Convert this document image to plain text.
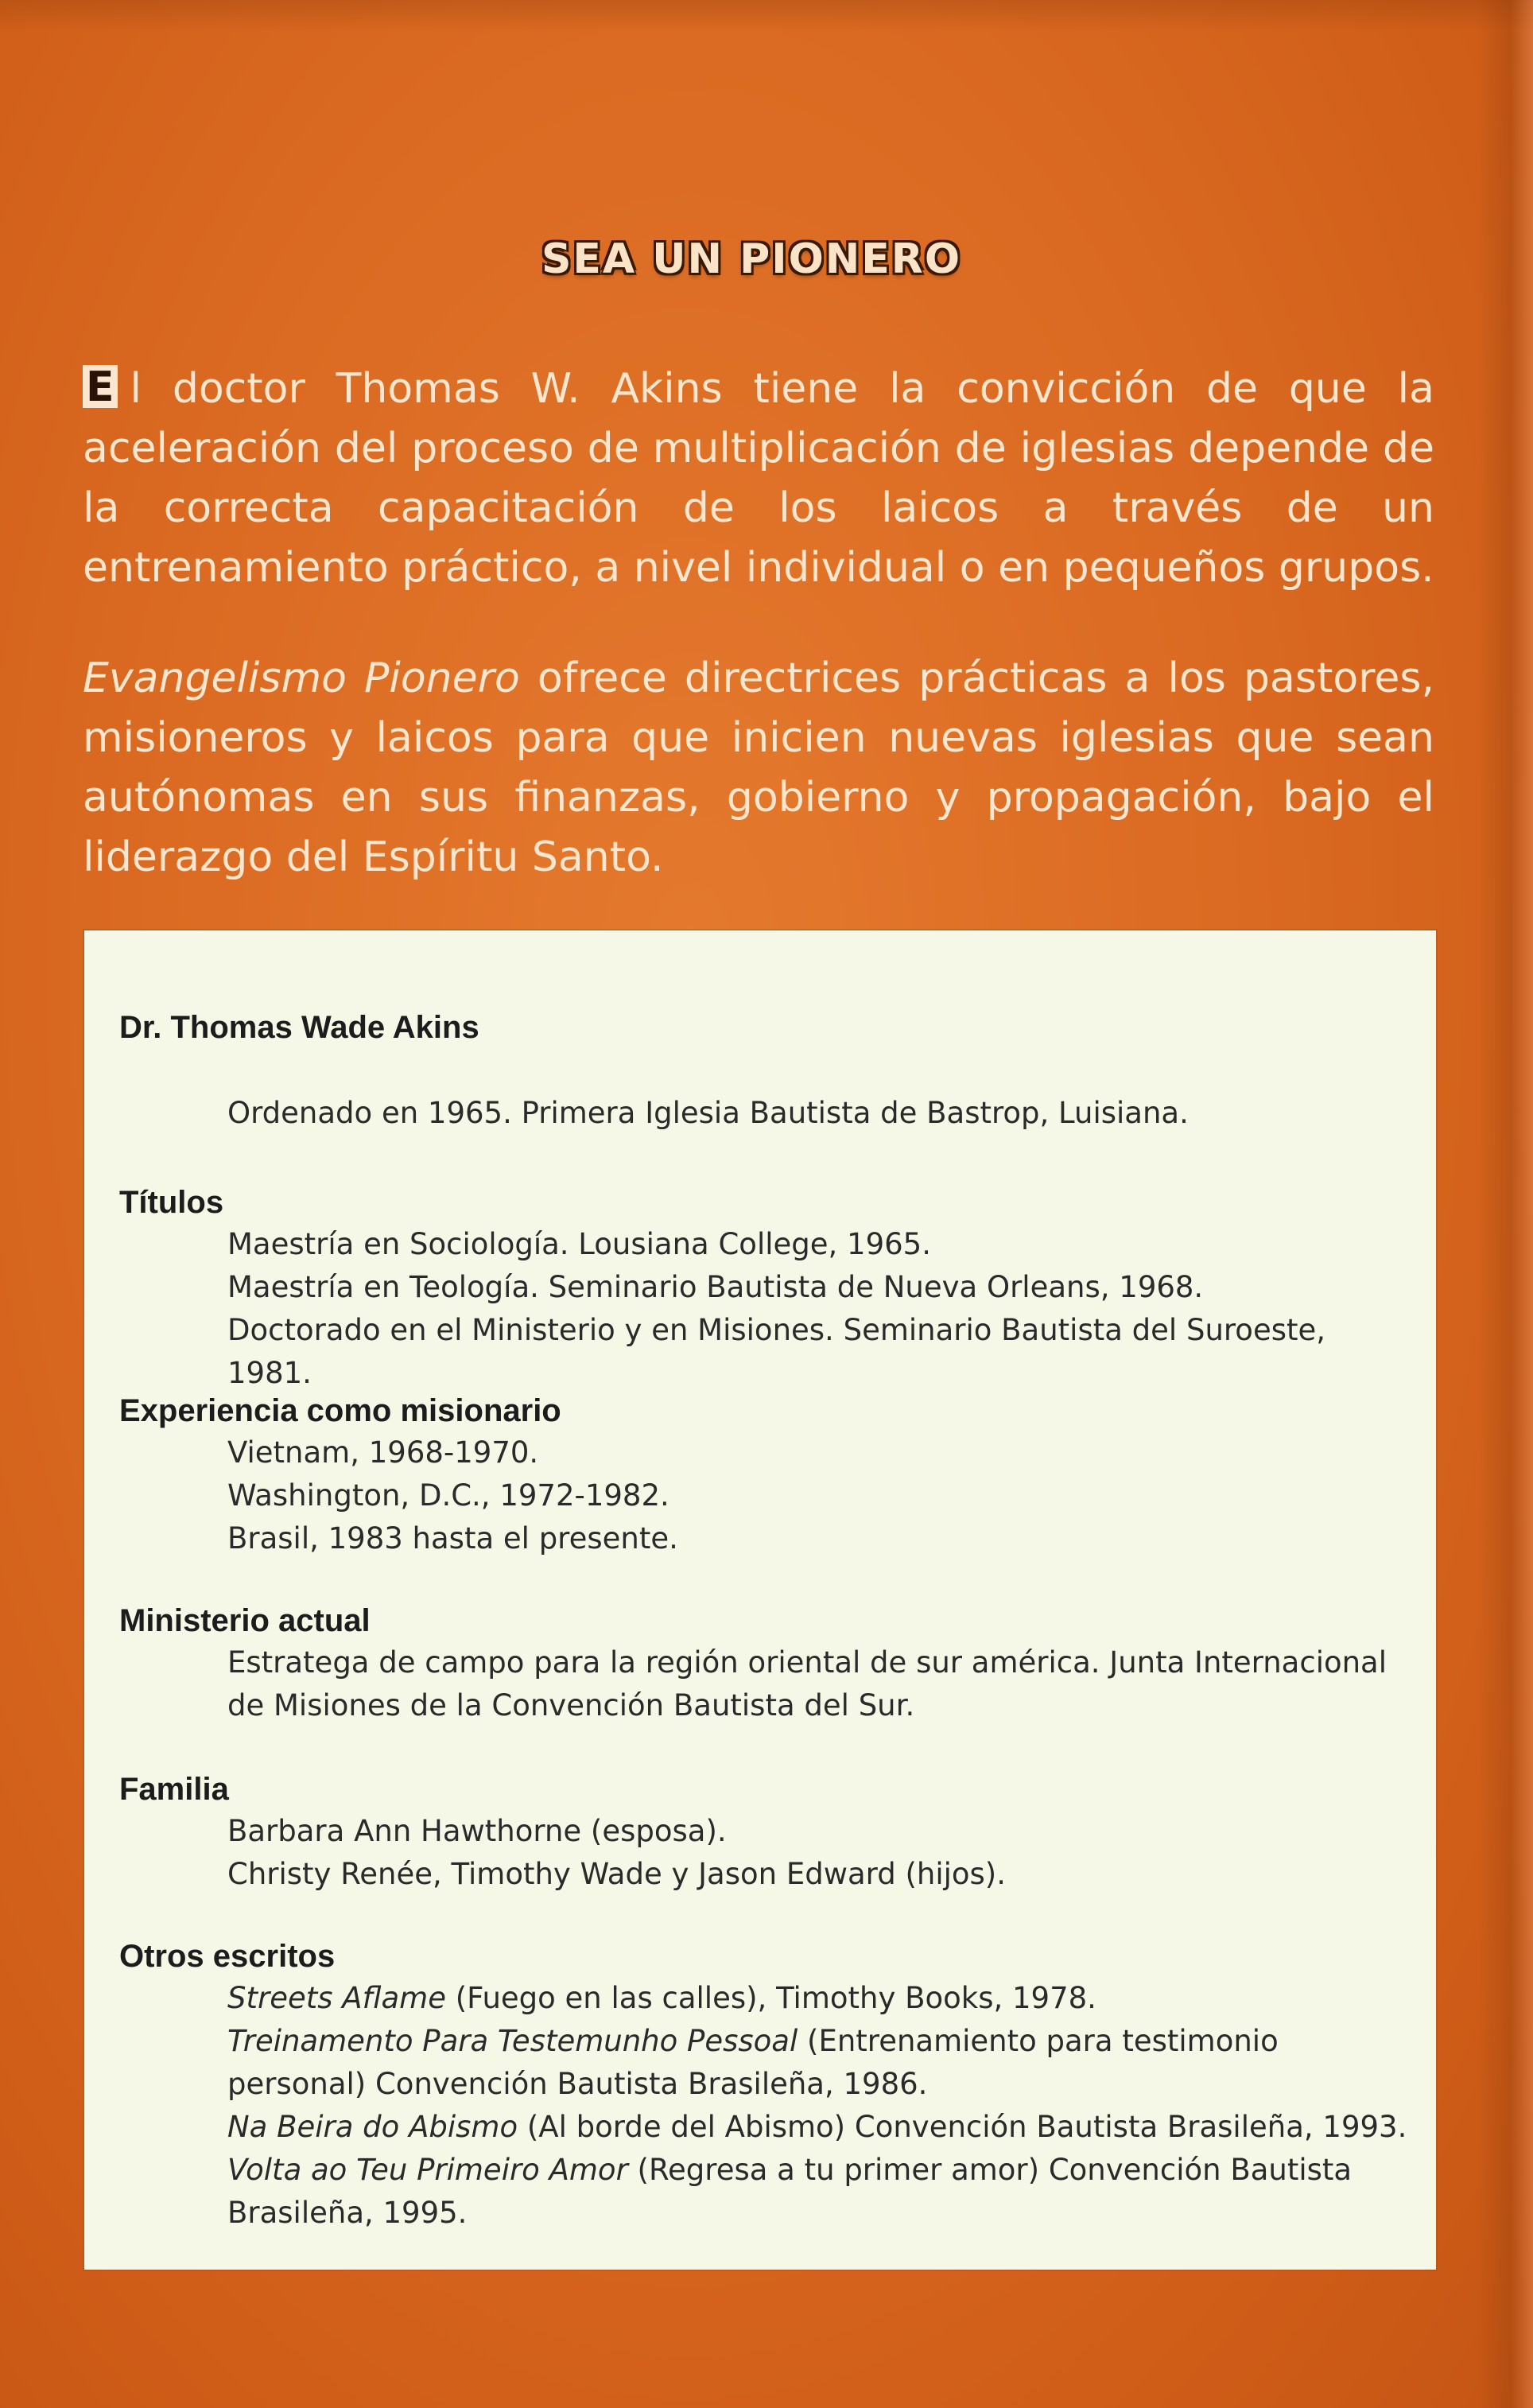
SEA UN PIONERO

E l doctor Thomas W. Akins tiene la convicción de que la aceleración del proceso de multiplicación de iglesias depende de la correcta capacitación de los laicos a través de un entrenamiento práctico, a nivel individual o en pequeños grupos.

Evangelismo Pionero ofrece directrices prácticas a los pastores, misioneros y laicos para que inicien nuevas iglesias que sean autónomas en sus finanzas, gobierno y propagación, bajo el liderazgo del Espíritu Santo.

Dr. Thomas Wade Akins

Ordenado en 1965. Primera Iglesia Bautista de Bastrop, Luisiana.

Títulos
Maestría en Sociología. Lousiana College, 1965.
Maestría en Teología. Seminario Bautista de Nueva Orleans, 1968.
Doctorado en el Ministerio y en Misiones. Seminario Bautista del Suroeste, 1981.
Experiencia como misionario
Vietnam, 1968-1970.
Washington, D.C., 1972-1982.
Brasil, 1983 hasta el presente.
Ministerio actual
Estratega de campo para la región oriental de sur américa. Junta Internacional de Misiones de la Convención Bautista del Sur.
Familia
Barbara Ann Hawthorne (esposa).
Christy Renée, Timothy Wade y Jason Edward (hijos).
Otros escritos
Streets Aflame (Fuego en las calles), Timothy Books, 1978.
Treinamento Para Testemunho Pessoal (Entrenamiento para testimonio personal) Convención Bautista Brasileña, 1986.
Na Beira do Abismo (Al borde del Abismo) Convención Bautista Brasileña, 1993.
Volta ao Teu Primeiro Amor (Regresa a tu primer amor) Convención Bautista Brasileña, 1995.
